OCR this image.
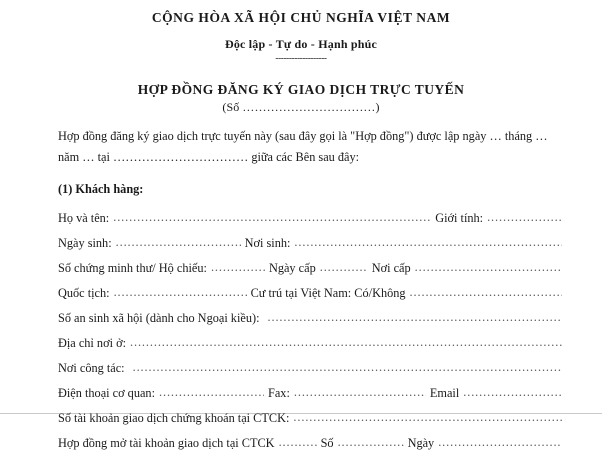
CỘNG HÒA XÃ HỘI CHỦ NGHĨA VIỆT NAM
Độc lập - Tự do - Hạnh phúc
-------------------
HỢP ĐỒNG ĐĂNG KÝ GIAO DỊCH TRỰC TUYẾN
(Số ……………………………)

Hợp đồng đăng ký giao dịch trực tuyến này (sau đây gọi là "Hợp đồng") được lập ngày … tháng … năm … tại …………………………… giữa các Bên sau đây:

(1) Khách hàng:
Họ và tên: .....	Giới tính:
.....
Ngày sinh: .....	Nơi sinh:
.....
Số chứng minh thư/ Hộ chiếu: .....	Ngày cấp .....	Nơi cấp
.....
Quốc tịch: .....	Cư trú tại Việt Nam: Có/Không
.....
Số an sinh xã hội (dành cho Ngoại kiều):
.....
Địa chỉ nơi ở:
.....
Nơi công tác:
.....
Điện thoại cơ quan: .....	Fax: .....	Email
.....
Số tài khoản giao dịch chứng khoán tại CTCK:
.....
Hợp đồng mở tài khoản giao dịch tại CTCK .....	Số .....	Ngày
.....
